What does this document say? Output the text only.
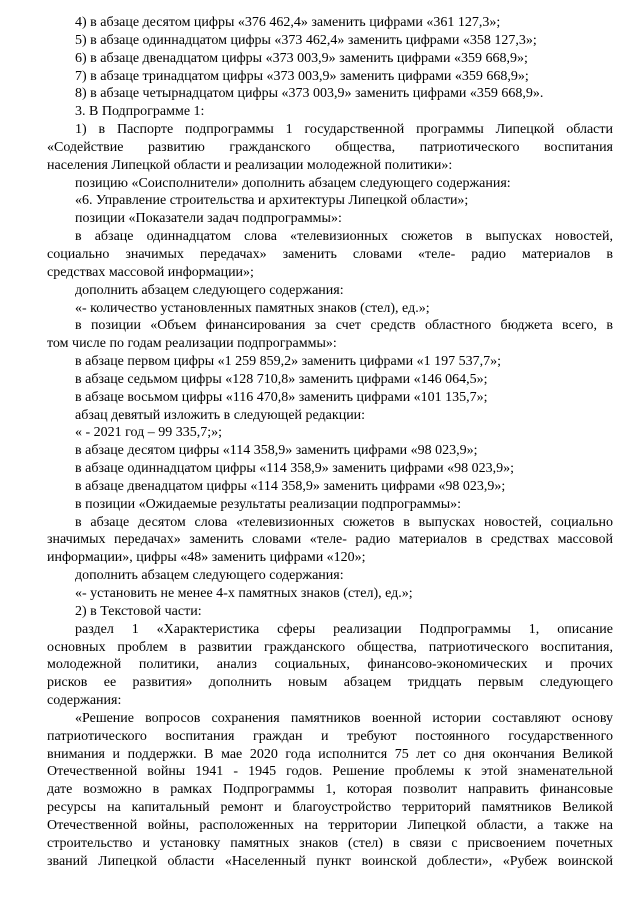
4) в абзаце десятом цифры «376 462,4» заменить цифрами «361 127,3»;
5) в абзаце одиннадцатом цифры «373 462,4» заменить цифрами «358 127,3»;
6) в абзаце двенадцатом цифры «373 003,9» заменить цифрами «359 668,9»;
7) в абзаце тринадцатом цифры «373 003,9» заменить цифрами «359 668,9»;
8) в абзаце четырнадцатом цифры «373 003,9» заменить цифрами «359 668,9».
3. В Подпрограмме 1:
1) в Паспорте подпрограммы 1 государственной программы Липецкой области
«Содействие развитию гражданского общества, патриотического воспитания
населения Липецкой области и реализации молодежной политики»:
позицию «Соисполнители» дополнить абзацем следующего содержания:
«6. Управление строительства и архитектуры Липецкой области»;
позиции «Показатели задач подпрограммы»:
в абзаце одиннадцатом слова «телевизионных сюжетов в выпусках новостей,
социально значимых передачах» заменить словами «теле- радио материалов в
средствах массовой информации»;
дополнить абзацем следующего содержания:
«- количество установленных памятных знаков (стел), ед.»;
в позиции «Объем финансирования за счет средств областного бюджета всего, в
том числе по годам реализации подпрограммы»:
в абзаце первом цифры «1 259 859,2» заменить цифрами «1 197 537,7»;
в абзаце седьмом цифры «128 710,8» заменить цифрами «146 064,5»;
в абзаце восьмом цифры «116 470,8» заменить цифрами «101 135,7»;
абзац девятый изложить в следующей редакции:
« - 2021 год – 99 335,7;»;
в абзаце десятом цифры «114 358,9» заменить цифрами «98 023,9»;
в абзаце одиннадцатом цифры «114 358,9» заменить цифрами «98 023,9»;
в абзаце двенадцатом цифры «114 358,9» заменить цифрами «98 023,9»;
в позиции «Ожидаемые результаты реализации подпрограммы»:
в абзаце десятом слова «телевизионных сюжетов в выпусках новостей, социально
значимых передачах» заменить словами «теле- радио материалов в средствах массовой
информации», цифры «48» заменить цифрами «120»;
дополнить абзацем следующего содержания:
«- установить не менее 4-х памятных знаков (стел), ед.»;
2) в Текстовой части:
раздел 1 «Характеристика сферы реализации Подпрограммы 1, описание
основных проблем в развитии гражданского общества, патриотического воспитания,
молодежной политики, анализ социальных, финансово-экономических и прочих
рисков ее развития» дополнить новым абзацем тридцать первым следующего
содержания:
«Решение вопросов сохранения памятников военной истории составляют основу
патриотического воспитания граждан и требуют постоянного государственного
внимания и поддержки. В мае 2020 года исполнится 75 лет со дня окончания Великой
Отечественной войны 1941 - 1945 годов. Решение проблемы к этой знаменательной
дате возможно в рамках Подпрограммы 1, которая позволит направить финансовые
ресурсы на капитальный ремонт и благоустройство территорий памятников Великой
Отечественной войны, расположенных на территории Липецкой области, а также на
строительство и установку памятных знаков (стел) в связи с присвоением почетных
званий Липецкой области «Населенный пункт воинской доблести», «Рубеж воинской
